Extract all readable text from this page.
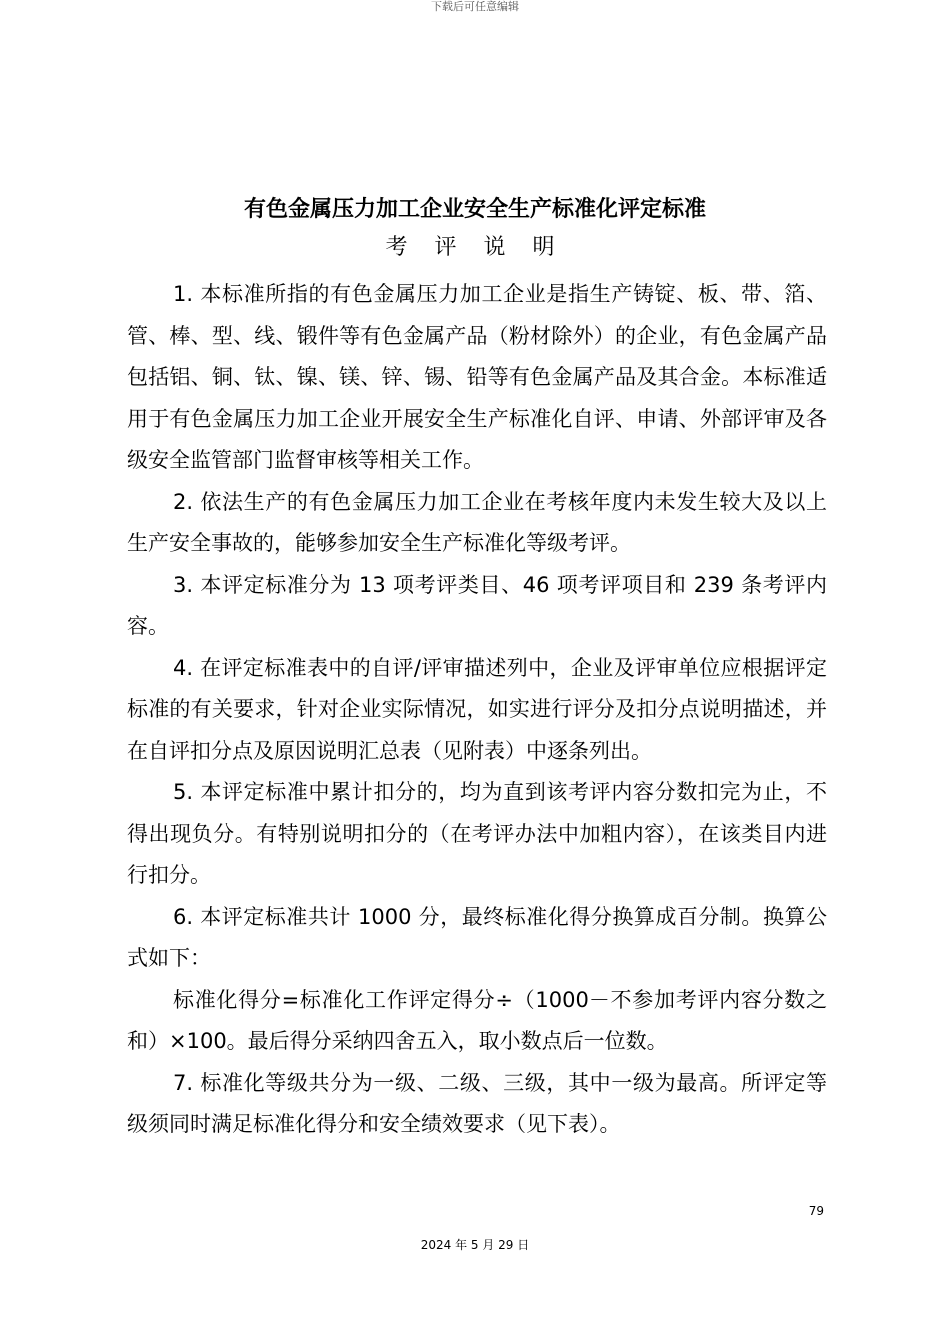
下载后可任意编辑
有色金属压力加工企业安全生产标准化评定标准
考 评 说 明

1. 本标准所指的有色金属压力加工企业是指生产铸锭、板、带、箔、管、棒、型、线、锻件等有色金属产品（粉材除外）的企业，有色金属产品包括铝、铜、钛、镍、镁、锌、锡、铅等有色金属产品及其合金。本标准适用于有色金属压力加工企业开展安全生产标准化自评、申请、外部评审及各级安全监管部门监督审核等相关工作。

2. 依法生产的有色金属压力加工企业在考核年度内未发生较大及以上生产安全事故的，能够参加安全生产标准化等级考评。

3. 本评定标准分为 13 项考评类目、46 项考评项目和 239 条考评内容。

4. 在评定标准表中的自评/评审描述列中，企业及评审单位应根据评定标准的有关要求，针对企业实际情况，如实进行评分及扣分点说明描述，并在自评扣分点及原因说明汇总表（见附表）中逐条列出。

5. 本评定标准中累计扣分的，均为直到该考评内容分数扣完为止，不得出现负分。有特别说明扣分的（在考评办法中加粗内容），在该类目内进行扣分。

6. 本评定标准共计 1000 分，最终标准化得分换算成百分制。换算公式如下：

标准化得分=标准化工作评定得分÷（1000－不参加考评内容分数之和）×100。最后得分采纳四舍五入，取小数点后一位数。

7. 标准化等级共分为一级、二级、三级，其中一级为最高。所评定等级须同时满足标准化得分和安全绩效要求（见下表）。

79
2024 年 5 月 29 日
